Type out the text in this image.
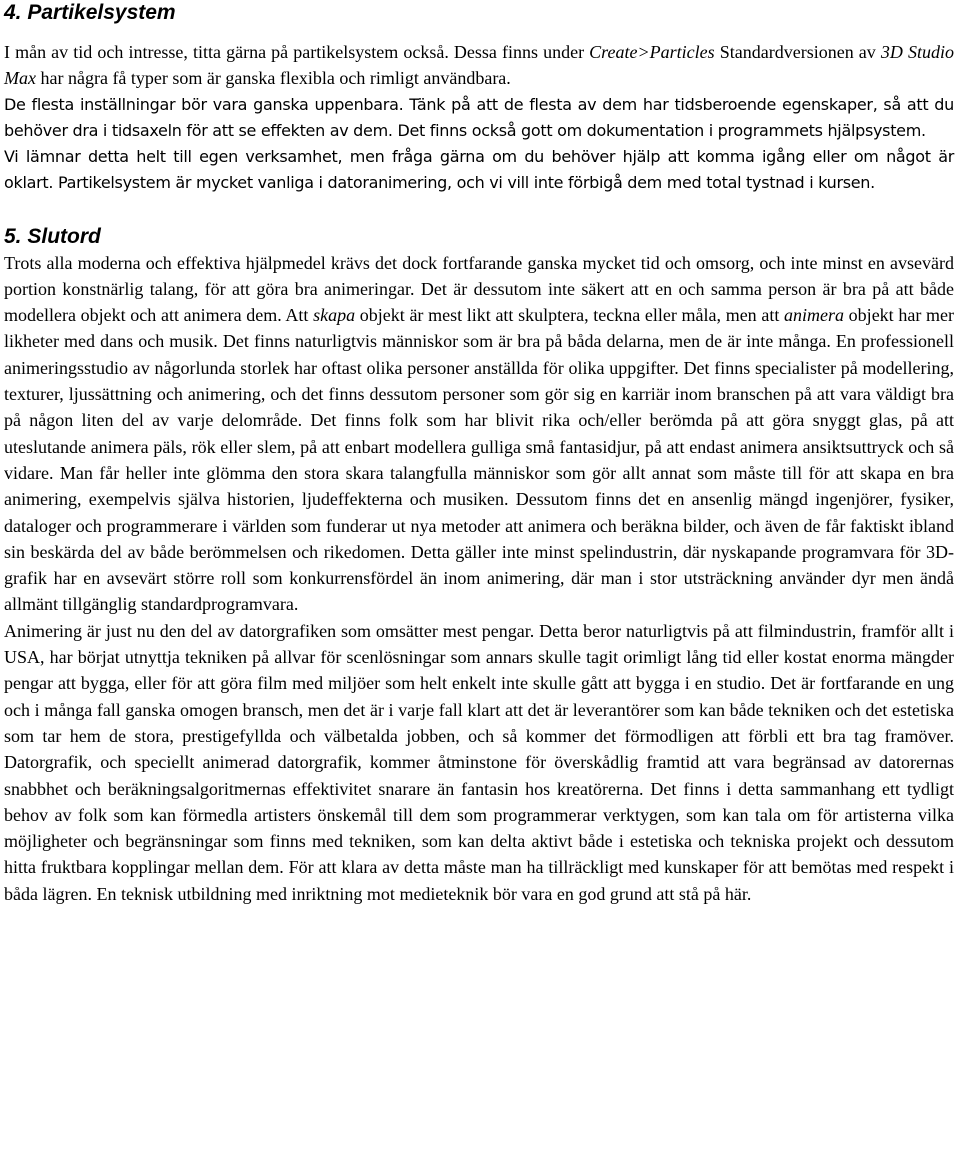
4. Partikelsystem

I mån av tid och intresse, titta gärna på partikelsystem också. Dessa finns under Create>Particles Standardversionen av 3D Studio Max har några få typer som är ganska flexibla och rimligt användbara.

De flesta inställningar bör vara ganska uppenbara. Tänk på att de flesta av dem har tidsberoende egenskaper, så att du behöver dra i tidsaxeln för att se effekten av dem. Det finns också gott om dokumentation i programmets hjälpsystem.

Vi lämnar detta helt till egen verksamhet, men fråga gärna om du behöver hjälp att komma igång eller om något är oklart. Partikelsystem är mycket vanliga i datoranimering, och vi vill inte förbigå dem med total tystnad i kursen.

5. Slutord

Trots alla moderna och effektiva hjälpmedel krävs det dock fortfarande ganska mycket tid och omsorg, och inte minst en avsevärd portion konstnärlig talang, för att göra bra animeringar. Det är dessutom inte säkert att en och samma person är bra på att både modellera objekt och att animera dem. Att skapa objekt är mest likt att skulptera, teckna eller måla, men att animera objekt har mer likheter med dans och musik. Det finns naturligtvis människor som är bra på båda delarna, men de är inte många. En professionell animeringsstudio av någorlunda storlek har oftast olika personer anställda för olika uppgifter. Det finns specialister på modellering, texturer, ljussättning och animering, och det finns dessutom personer som gör sig en karriär inom branschen på att vara väldigt bra på någon liten del av varje delområde. Det finns folk som har blivit rika och/eller berömda på att göra snyggt glas, på att uteslutande animera päls, rök eller slem, på att enbart modellera gulliga små fantasidjur, på att endast animera ansiktsuttryck och så vidare. Man får heller inte glömma den stora skara talangfulla människor som gör allt annat som måste till för att skapa en bra animering, exempelvis själva historien, ljudeffekterna och musiken. Dessutom finns det en ansenlig mängd ingenjörer, fysiker, dataloger och programmerare i världen som funderar ut nya metoder att animera och beräkna bilder, och även de får faktiskt ibland sin beskärda del av både berömmelsen och rikedomen. Detta gäller inte minst spelindustrin, där nyskapande programvara för 3D-grafik har en avsevärt större roll som konkurrensfördel än inom animering, där man i stor utsträckning använder dyr men ändå allmänt tillgänglig standardprogramvara.

Animering är just nu den del av datorgrafiken som omsätter mest pengar. Detta beror naturligtvis på att filmindustrin, framför allt i USA, har börjat utnyttja tekniken på allvar för scenlösningar som annars skulle tagit orimligt lång tid eller kostat enorma mängder pengar att bygga, eller för att göra film med miljöer som helt enkelt inte skulle gått att bygga i en studio. Det är fortfarande en ung och i många fall ganska omogen bransch, men det är i varje fall klart att det är leverantörer som kan både tekniken och det estetiska som tar hem de stora, prestigefyllda och välbetalda jobben, och så kommer det förmodligen att förbli ett bra tag framöver. Datorgrafik, och speciellt animerad datorgrafik, kommer åtminstone för överskådlig framtid att vara begränsad av datorernas snabbhet och beräkningsalgoritmernas effektivitet snarare än fantasin hos kreatörerna. Det finns i detta sammanhang ett tydligt behov av folk som kan förmedla artisters önskemål till dem som programmerar verktygen, som kan tala om för artisterna vilka möjligheter och begränsningar som finns med tekniken, som kan delta aktivt både i estetiska och tekniska projekt och dessutom hitta fruktbara kopplingar mellan dem. För att klara av detta måste man ha tillräckligt med kunskaper för att bemötas med respekt i båda lägren. En teknisk utbildning med inriktning mot medieteknik bör vara en god grund att stå på här.
